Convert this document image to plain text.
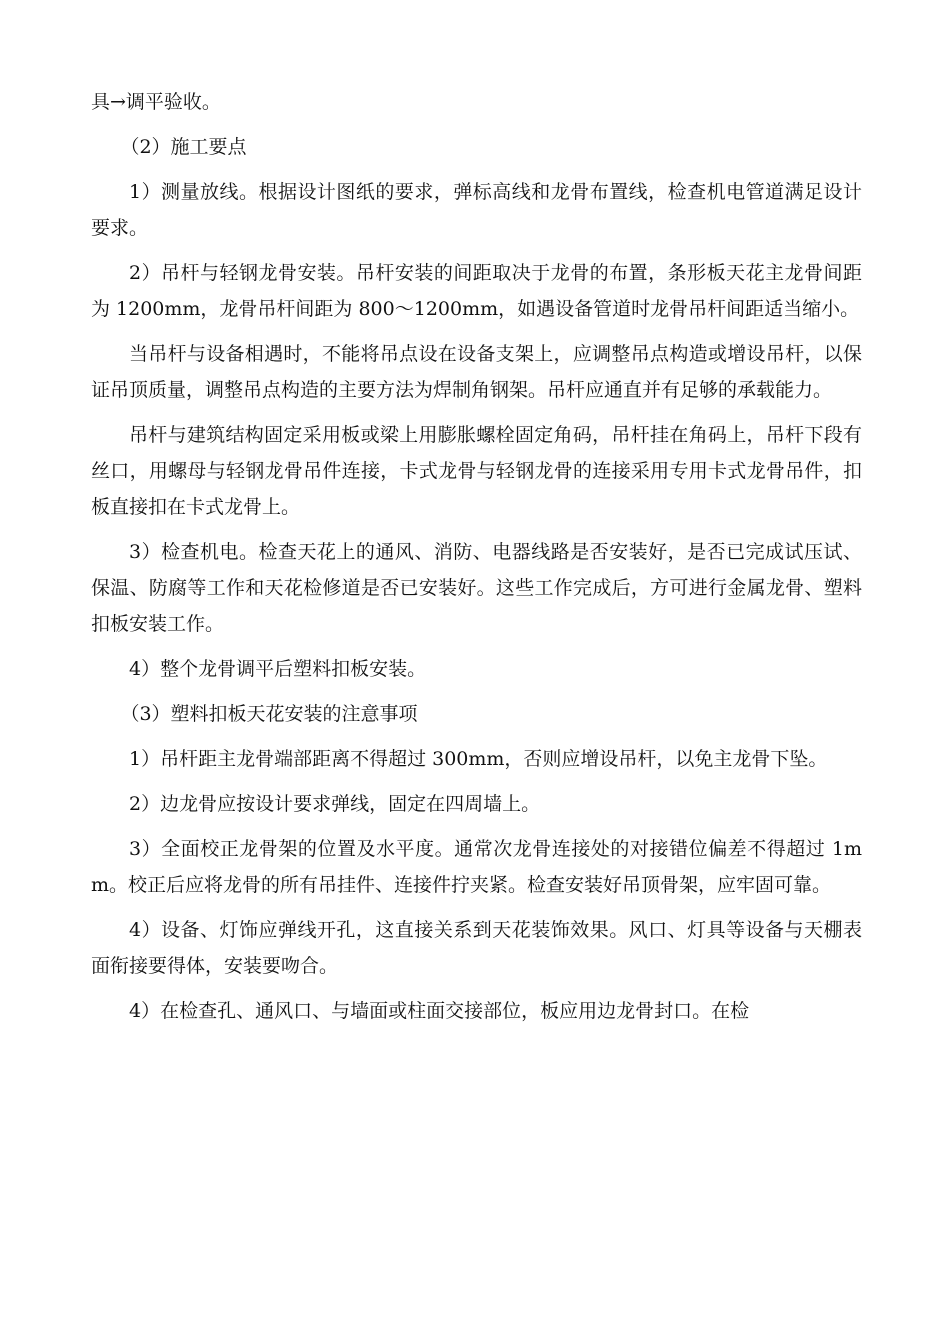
具→调平验收。

（2）施工要点

1）测量放线。根据设计图纸的要求，弹标高线和龙骨布置线，检查机电管道满足设计要求。

2）吊杆与轻钢龙骨安装。吊杆安装的间距取决于龙骨的布置，条形板天花主龙骨间距为 1200mm，龙骨吊杆间距为 800～1200mm，如遇设备管道时龙骨吊杆间距适当缩小。

当吊杆与设备相遇时，不能将吊点设在设备支架上，应调整吊点构造或增设吊杆，以保证吊顶质量，调整吊点构造的主要方法为焊制角钢架。吊杆应通直并有足够的承载能力。

吊杆与建筑结构固定采用板或梁上用膨胀螺栓固定角码，吊杆挂在角码上，吊杆下段有丝口，用螺母与轻钢龙骨吊件连接，卡式龙骨与轻钢龙骨的连接采用专用卡式龙骨吊件，扣板直接扣在卡式龙骨上。

3）检查机电。检查天花上的通风、消防、电器线路是否安装好，是否已完成试压试、保温、防腐等工作和天花检修道是否已安装好。这些工作完成后，方可进行金属龙骨、塑料扣板安装工作。

4）整个龙骨调平后塑料扣板安装。

（3）塑料扣板天花安装的注意事项

1）吊杆距主龙骨端部距离不得超过 300mm，否则应增设吊杆，以免主龙骨下坠。

2）边龙骨应按设计要求弹线，固定在四周墙上。

3）全面校正龙骨架的位置及水平度。通常次龙骨连接处的对接错位偏差不得超过 1mm。校正后应将龙骨的所有吊挂件、连接件拧夹紧。检查安装好吊顶骨架，应牢固可靠。

4）设备、灯饰应弹线开孔，这直接关系到天花装饰效果。风口、灯具等设备与天棚表面衔接要得体，安装要吻合。

4）在检查孔、通风口、与墙面或柱面交接部位，板应用边龙骨封口。在检
